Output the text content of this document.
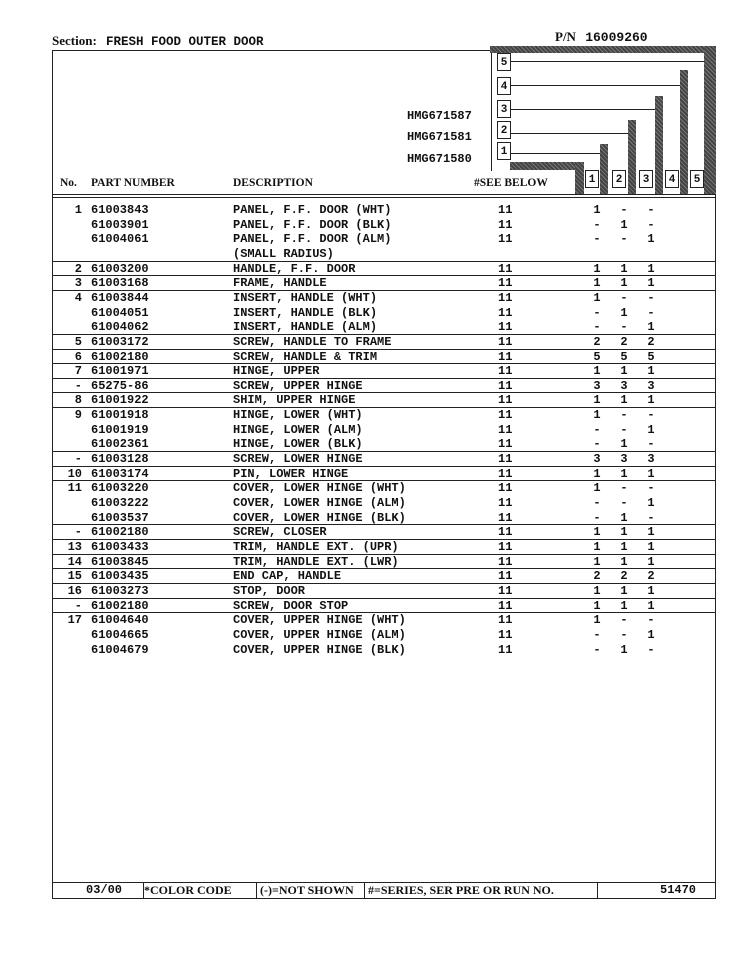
Section: FRESH FOOD OUTER DOOR	P/N 16009260
5
4
3
2
1
HMG671587
HMG671581
HMG671580
1	2	3	4	5
No. PART NUMBER	DESCRIPTION	#SEE BELOW
1 61003843	PANEL, F.F. DOOR (WHT)	11	1 - -
61003901	PANEL, F.F. DOOR (BLK)	11	- 1 -
61004061	PANEL, F.F. DOOR (ALM)	11	- - 1
(SMALL RADIUS)
2 61003200	HANDLE, F.F. DOOR	11	1 1 1
3 61003168	FRAME, HANDLE	11	1 1 1
4 61003844	INSERT, HANDLE (WHT)	11	1 - -
61004051	INSERT, HANDLE (BLK)	11	- 1 -
61004062	INSERT, HANDLE (ALM)	11	- - 1
5 61003172	SCREW, HANDLE TO FRAME	11	2 2 2
6 61002180	SCREW, HANDLE & TRIM	11	5 5 5
7 61001971	HINGE, UPPER	11	1 1 1
- 65275-86	SCREW, UPPER HINGE	11	3 3 3
8 61001922	SHIM, UPPER HINGE	11	1 1 1
9 61001918	HINGE, LOWER (WHT)	11	1 - -
61001919	HINGE, LOWER (ALM)	11	- - 1
61002361	HINGE, LOWER (BLK)	11	- 1 -
- 61003128	SCREW, LOWER HINGE	11	3 3 3
10 61003174	PIN, LOWER HINGE	11	1 1 1
11 61003220	COVER, LOWER HINGE (WHT)	11	1 - -
61003222	COVER, LOWER HINGE (ALM)	11	- - 1
61003537	COVER, LOWER HINGE (BLK)	11	- 1 -
- 61002180	SCREW, CLOSER	11	1 1 1
13 61003433	TRIM, HANDLE EXT. (UPR)	11	1 1 1
14 61003845	TRIM, HANDLE EXT. (LWR)	11	1 1 1
15 61003435	END CAP, HANDLE	11	2 2 2
16 61003273	STOP, DOOR	11	1 1 1
- 61002180	SCREW, DOOR STOP	11	1 1 1
17 61004640	COVER, UPPER HINGE (WHT)	11	1 - -
61004665	COVER, UPPER HINGE (ALM)	11	- - 1
61004679	COVER, UPPER HINGE (BLK)	11	- 1 -
03/00 *COLOR CODE (-)=NOT SHOWN #=SERIES, SER PRE OR RUN NO.	51470
